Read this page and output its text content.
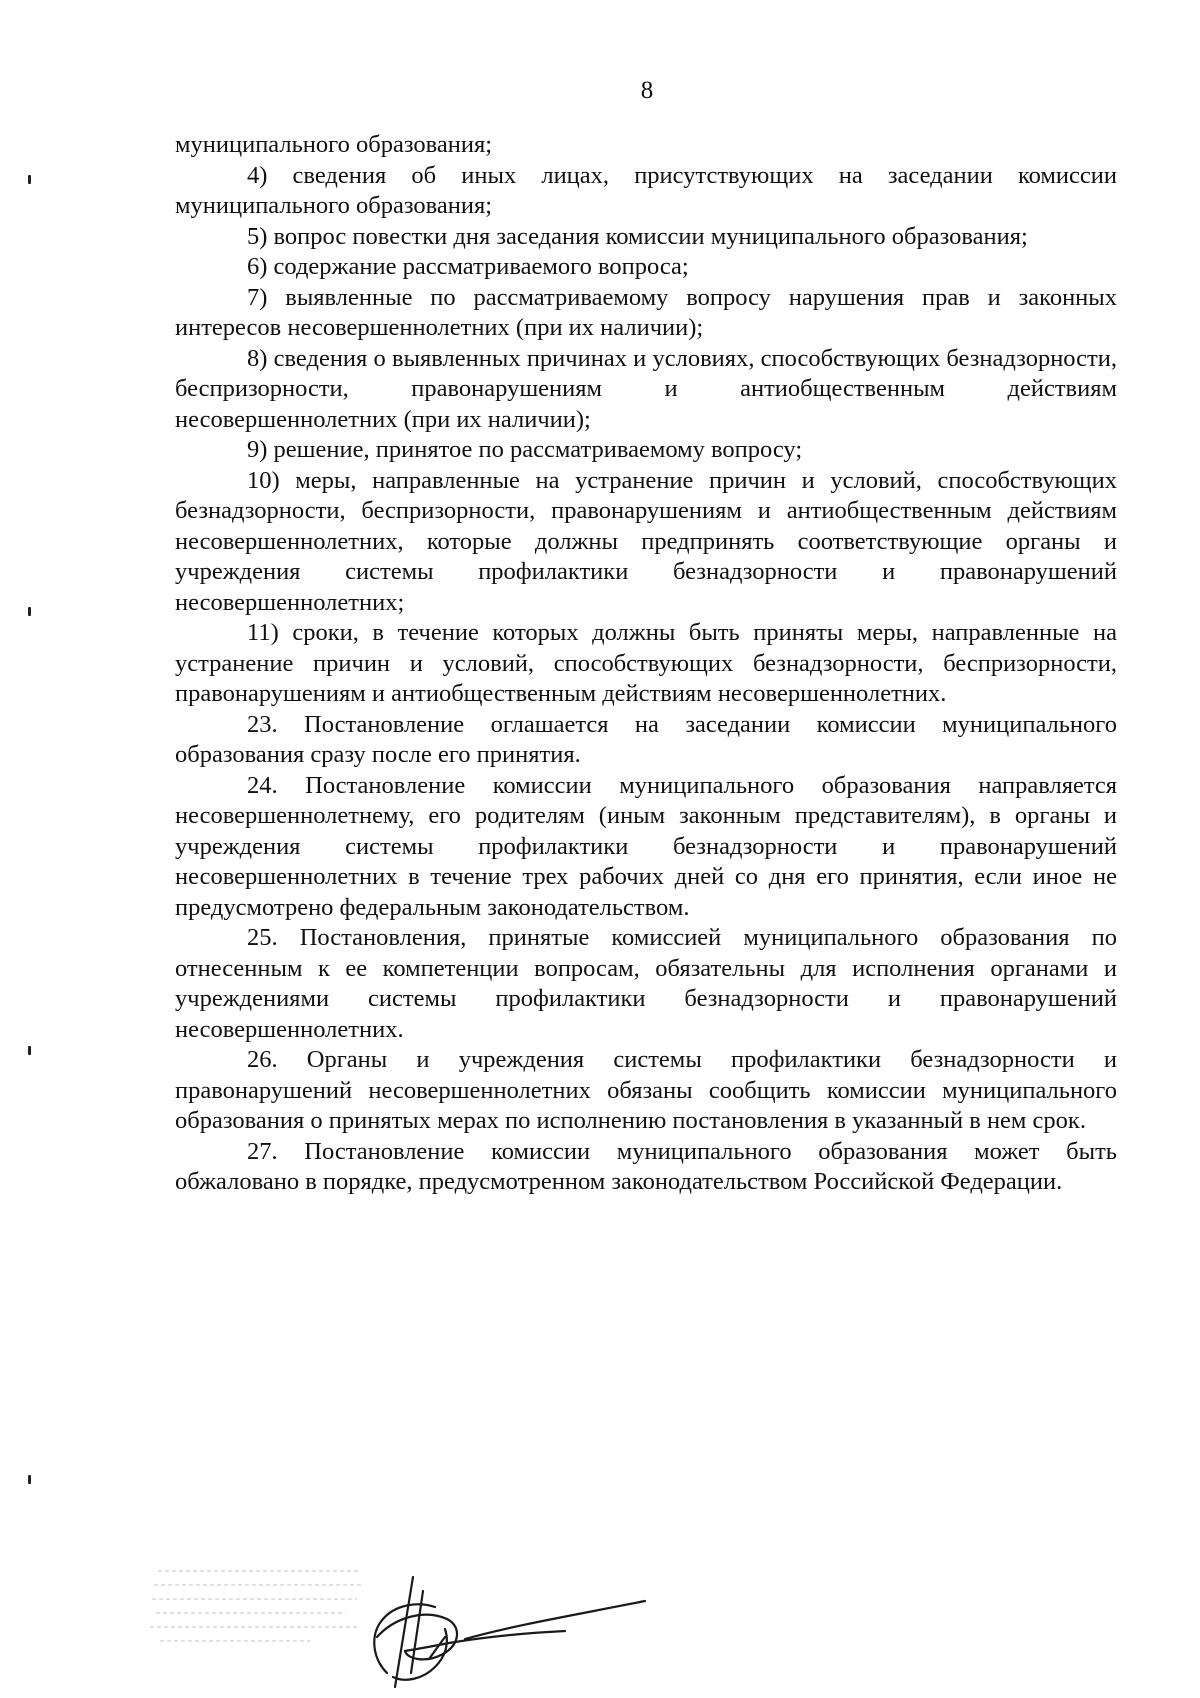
8

муниципального образования;

4) сведения об иных лицах, присутствующих на заседании комиссии муниципального образования;

5) вопрос повестки дня заседания комиссии муниципального образования;

6) содержание рассматриваемого вопроса;

7) выявленные по рассматриваемому вопросу нарушения прав и законных интересов несовершеннолетних (при их наличии);

8) сведения о выявленных причинах и условиях, способствующих безнадзорности, беспризорности, правонарушениям и антиобщественным действиям несовершеннолетних (при их наличии);

9) решение, принятое по рассматриваемому вопросу;

10) меры, направленные на устранение причин и условий, способствующих безнадзорности, беспризорности, правонарушениям и антиобщественным действиям несовершеннолетних, которые должны предпринять соответствующие органы и учреждения системы профилактики безнадзорности и правонарушений несовершеннолетних;

11) сроки, в течение которых должны быть приняты меры, направленные на устранение причин и условий, способствующих безнадзорности, беспризорности, правонарушениям и антиобщественным действиям несовершеннолетних.

23. Постановление оглашается на заседании комиссии муниципального образования сразу после его принятия.

24. Постановление комиссии муниципального образования направляется несовершеннолетнему, его родителям (иным законным представителям), в органы и учреждения системы профилактики безнадзорности и правонарушений несовершеннолетних в течение трех рабочих дней со дня его принятия, если иное не предусмотрено федеральным законодательством.

25. Постановления, принятые комиссией муниципального образования по отнесенным к ее компетенции вопросам, обязательны для исполнения органами и учреждениями системы профилактики безнадзорности и правонарушений несовершеннолетних.

26. Органы и учреждения системы профилактики безнадзорности и правонарушений несовершеннолетних обязаны сообщить комиссии муниципального образования о принятых мерах по исполнению постановления в указанный в нем срок.

27. Постановление комиссии муниципального образования может быть обжаловано в порядке, предусмотренном законодательством Российской Федерации.
